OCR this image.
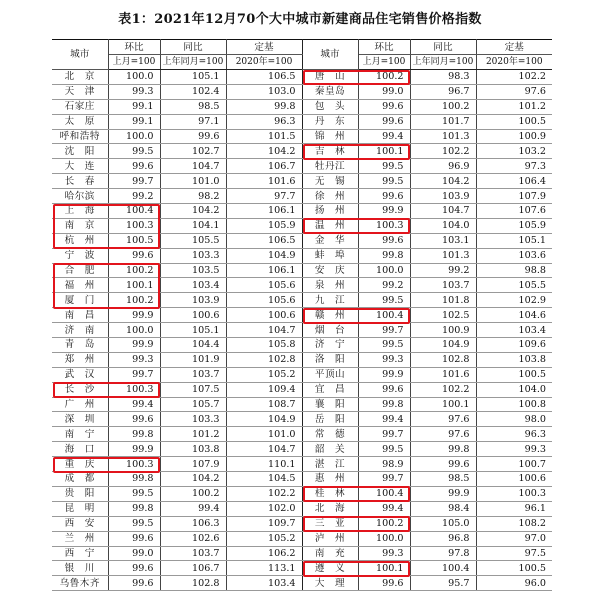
表1：2021年12月70个大中城市新建商品住宅销售价格指数
城市	环比	同比	定基	城市	环比	同比	定基
	上月=100	上年同月=100	2020年=100		上月=100	上年同月=100	2020年=100
北　京	100.0	105.1	106.5	唐　山	100.2	98.3	102.2
天　津	99.3	102.4	103.0	秦皇岛	99.0	96.7	97.6
石家庄	99.1	98.5	99.8	包　头	99.6	100.2	101.2
太　原	99.1	97.1	96.3	丹　东	99.6	101.7	100.5
呼和浩特	100.0	99.6	101.5	锦　州	99.4	101.3	100.9
沈　阳	99.5	102.7	104.2	吉　林	100.1	102.2	103.2
大　连	99.6	104.7	106.7	牡丹江	99.5	96.9	97.3
长　春	99.7	101.0	101.6	无　锡	99.5	104.2	106.4
哈尔滨	99.2	98.2	97.7	徐　州	99.6	103.9	107.9
上　海	100.4	104.2	106.1	扬　州	99.9	104.7	107.6
南　京	100.3	104.1	105.9	温　州	100.3	104.0	105.9
杭　州	100.5	105.5	106.5	金　华	99.6	103.1	105.1
宁　波	99.6	103.3	104.9	蚌　埠	99.8	101.3	103.6
合　肥	100.2	103.5	106.1	安　庆	100.0	99.2	98.8
福　州	100.1	103.4	105.6	泉　州	99.2	103.7	105.5
厦　门	100.2	103.9	105.6	九　江	99.5	101.8	102.9
南　昌	99.9	100.6	100.6	赣　州	100.4	102.5	104.6
济　南	100.0	105.1	104.7	烟　台	99.7	100.9	103.4
青　岛	99.9	104.4	105.8	济　宁	99.5	104.9	109.6
郑　州	99.3	101.9	102.8	洛　阳	99.3	102.8	103.8
武　汉	99.7	103.7	105.2	平顶山	99.9	101.6	100.5
长　沙	100.3	107.5	109.4	宜　昌	99.6	102.2	104.0
广　州	99.4	105.7	108.7	襄　阳	99.8	100.1	100.8
深　圳	99.6	103.3	104.9	岳　阳	99.4	97.6	98.0
南　宁	99.8	101.2	101.0	常　德	99.7	97.6	96.3
海　口	99.9	103.8	104.7	韶　关	99.5	99.8	99.3
重　庆	100.3	107.9	110.1	湛　江	98.9	99.6	100.7
成　都	99.8	104.2	104.5	惠　州	99.7	98.5	100.6
贵　阳	99.5	100.2	102.2	桂　林	100.4	99.9	100.3
昆　明	99.8	99.4	102.0	北　海	99.4	98.4	96.1
西　安	99.5	106.3	109.7	三　亚	100.2	105.0	108.2
兰　州	99.6	102.6	105.2	泸　州	100.0	96.8	97.0
西　宁	99.0	103.7	106.2	南　充	99.3	97.8	97.5
银　川	99.6	106.7	113.1	遵　义	100.1	100.4	100.5
乌鲁木齐	99.6	102.8	103.4	大　理	99.6	95.7	96.0
